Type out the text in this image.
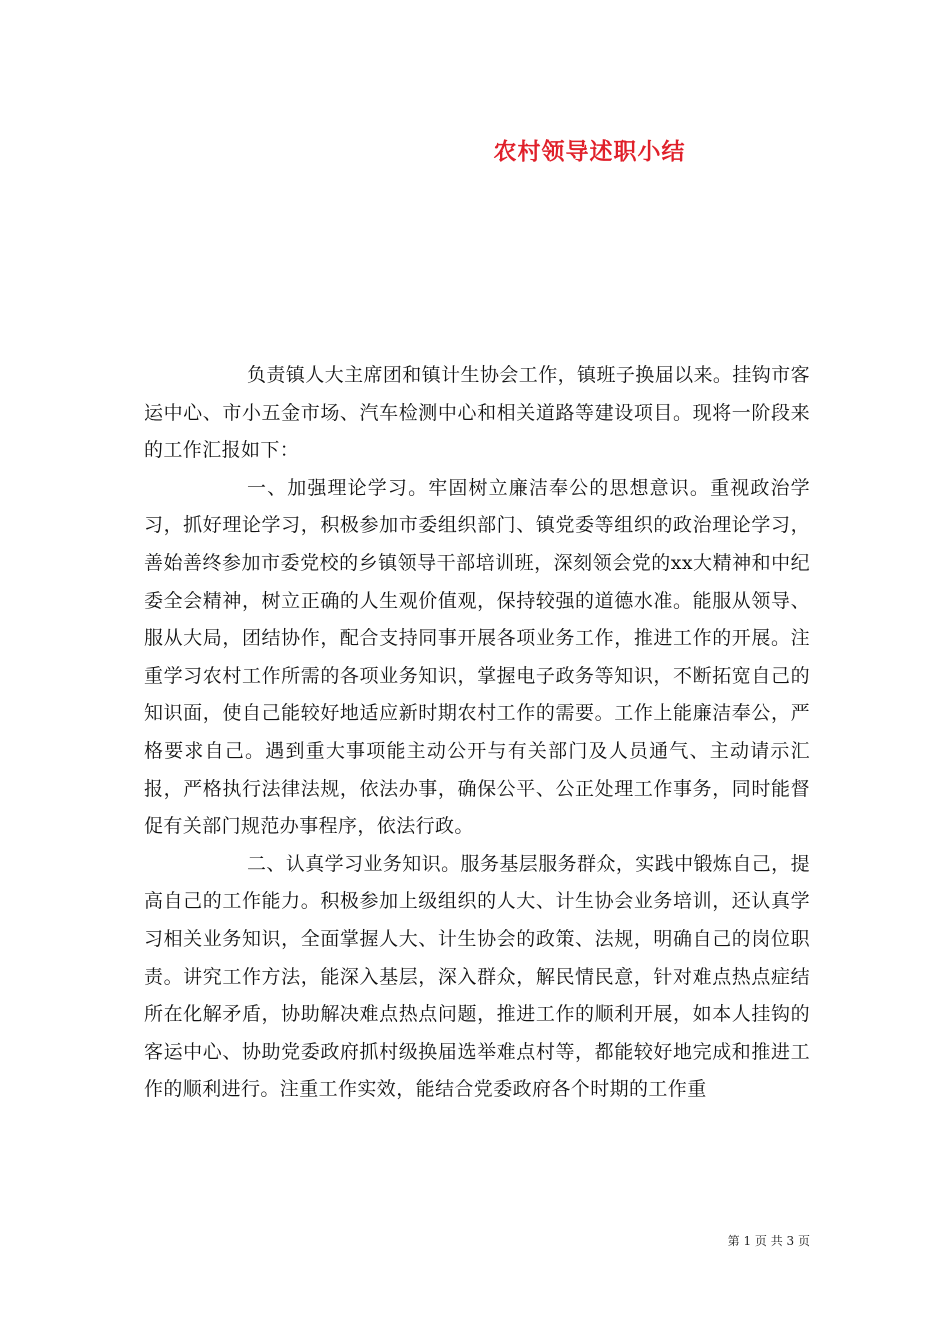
农村领导述职小结

负责镇人大主席团和镇计生协会工作，镇班子换届以来。挂钩市客运中心、市小五金市场、汽车检测中心和相关道路等建设项目。现将一阶段来的工作汇报如下：

一、加强理论学习。牢固树立廉洁奉公的思想意识。重视政治学习，抓好理论学习，积极参加市委组织部门、镇党委等组织的政治理论学习，善始善终参加市委党校的乡镇领导干部培训班，深刻领会党的xx大精神和中纪委全会精神，树立正确的人生观价值观，保持较强的道德水准。能服从领导、服从大局，团结协作，配合支持同事开展各项业务工作，推进工作的开展。注重学习农村工作所需的各项业务知识，掌握电子政务等知识，不断拓宽自己的知识面，使自己能较好地适应新时期农村工作的需要。工作上能廉洁奉公，严格要求自己。遇到重大事项能主动公开与有关部门及人员通气、主动请示汇报，严格执行法律法规，依法办事，确保公平、公正处理工作事务，同时能督促有关部门规范办事程序，依法行政。

二、认真学习业务知识。服务基层服务群众，实践中锻炼自己，提高自己的工作能力。积极参加上级组织的人大、计生协会业务培训，还认真学习相关业务知识，全面掌握人大、计生协会的政策、法规，明确自己的岗位职责。讲究工作方法，能深入基层，深入群众，解民情民意，针对难点热点症结所在化解矛盾，协助解决难点热点问题，推进工作的顺利开展，如本人挂钩的客运中心、协助党委政府抓村级换届选举难点村等，都能较好地完成和推进工作的顺利进行。注重工作实效，能结合党委政府各个时期的工作重

第 1 页 共 3 页
